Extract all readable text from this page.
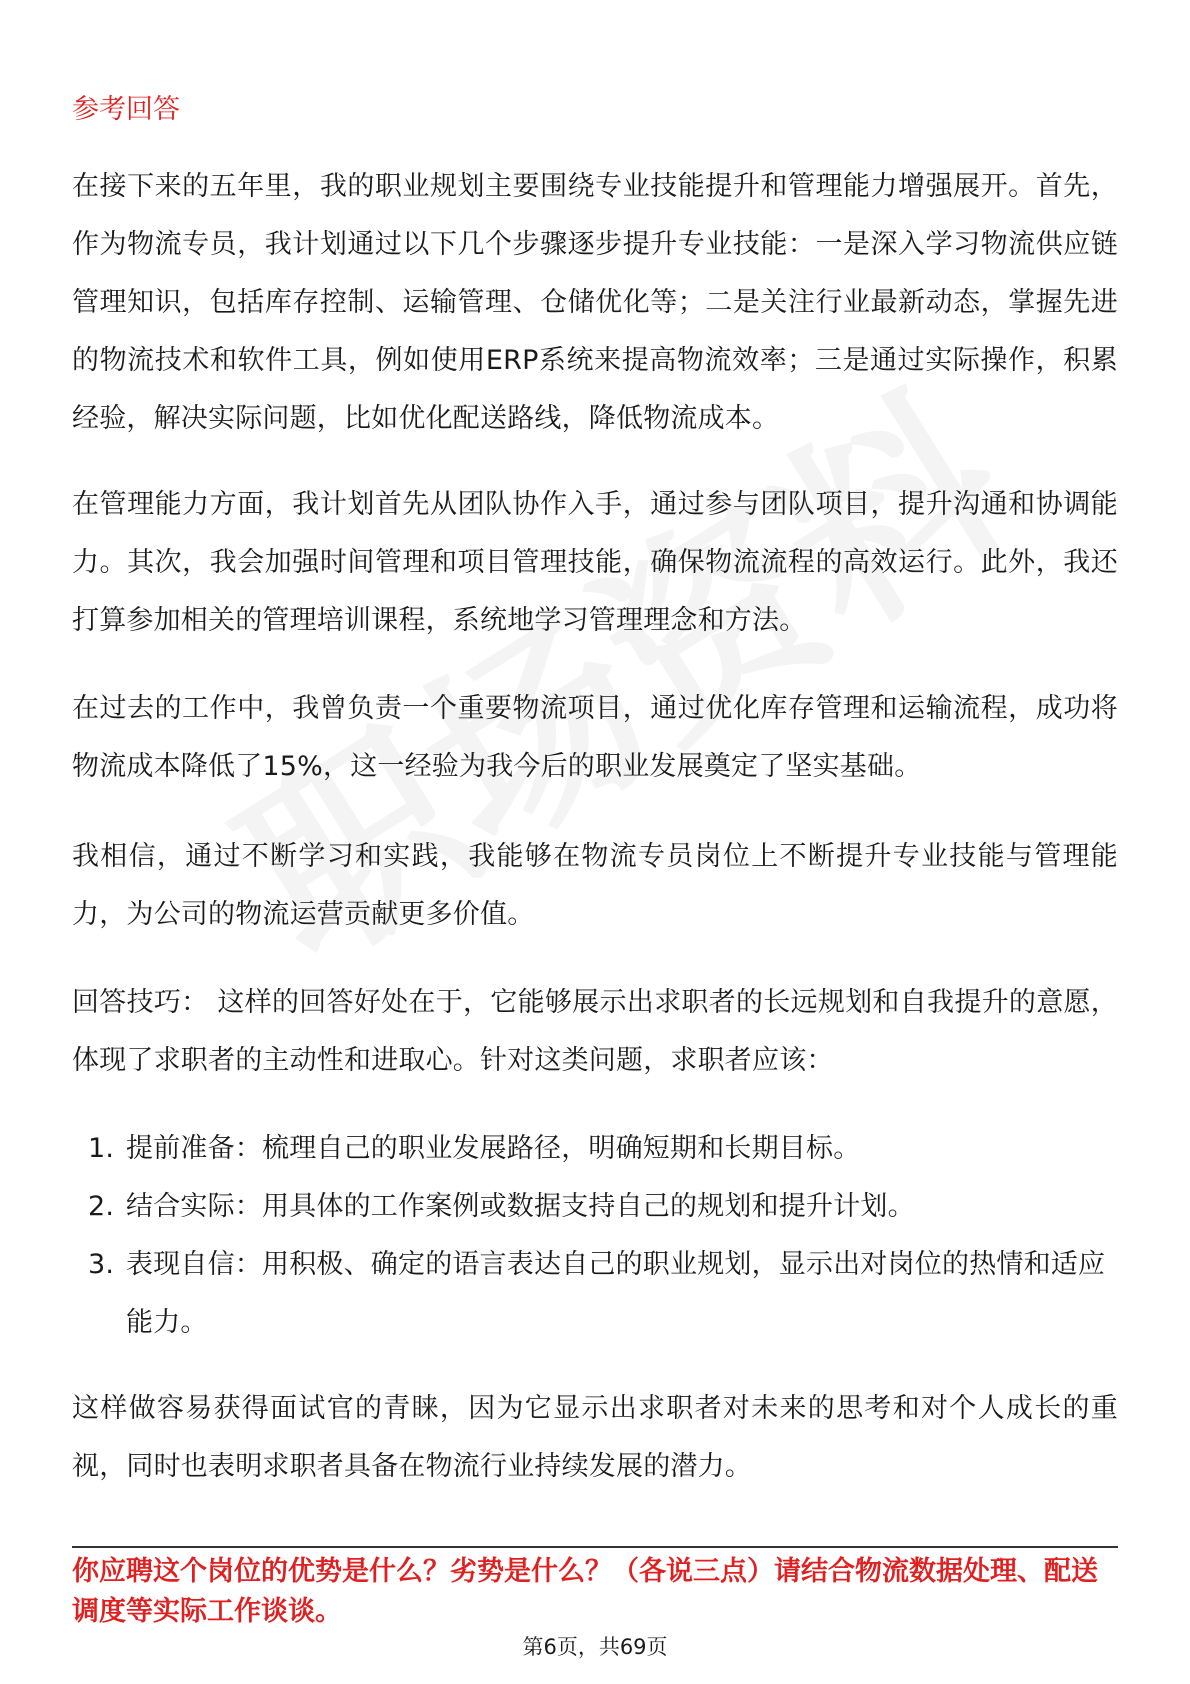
参考回答

在接下来的五年里，我的职业规划主要围绕专业技能提升和管理能力增强展开。首先，作为物流专员，我计划通过以下几个步骤逐步提升专业技能：一是深入学习物流供应链管理知识，包括库存控制、运输管理、仓储优化等；二是关注行业最新动态，掌握先进的物流技术和软件工具，例如使用ERP系统来提高物流效率；三是通过实际操作，积累经验，解决实际问题，比如优化配送路线，降低物流成本。

在管理能力方面，我计划首先从团队协作入手，通过参与团队项目，提升沟通和协调能力。其次，我会加强时间管理和项目管理技能，确保物流流程的高效运行。此外，我还打算参加相关的管理培训课程，系统地学习管理理念和方法。

在过去的工作中，我曾负责一个重要物流项目，通过优化库存管理和运输流程，成功将物流成本降低了15%，这一经验为我今后的职业发展奠定了坚实基础。

我相信，通过不断学习和实践，我能够在物流专员岗位上不断提升专业技能与管理能力，为公司的物流运营贡献更多价值。

回答技巧： 这样的回答好处在于，它能够展示出求职者的长远规划和自我提升的意愿，体现了求职者的主动性和进取心。针对这类问题，求职者应该：

1. 提前准备：梳理自己的职业发展路径，明确短期和长期目标。
2. 结合实际：用具体的工作案例或数据支持自己的规划和提升计划。
3. 表现自信：用积极、确定的语言表达自己的职业规划，显示出对岗位的热情和适应能力。

这样做容易获得面试官的青睐，因为它显示出求职者对未来的思考和对个人成长的重视，同时也表明求职者具备在物流行业持续发展的潜力。

你应聘这个岗位的优势是什么？劣势是什么？（各说三点）请结合物流数据处理、配送调度等实际工作谈谈。

第6页，共69页
